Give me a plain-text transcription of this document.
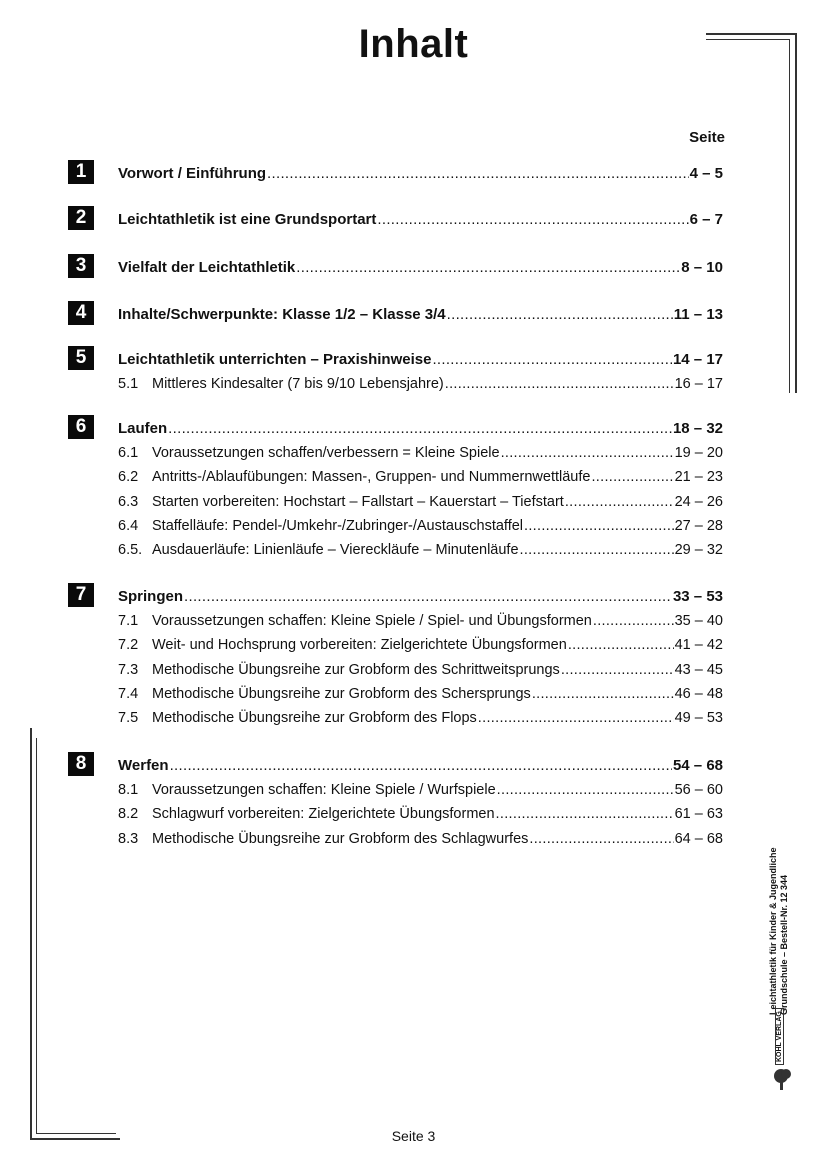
Inhalt
Seite
1	Vorwort / Einführung .....	4 – 5
2	Leichtathletik ist eine Grundsportart .....	6 – 7
3	Vielfalt der Leichtathletik .....	8 – 10
4	Inhalte/Schwerpunkte: Klasse 1/2 – Klasse 3/4 .....	11 – 13
5	Leichtathletik unterrichten – Praxishinweise .....	14 – 17
5.1 Mittleres Kindesalter (7 bis 9/10 Lebensjahre) .....	16 – 17
6	Laufen .....	18 – 32
6.1 Voraussetzungen schaffen/verbessern = Kleine Spiele .....	19 – 20
6.2 Antritts-/Ablaufübungen: Massen-, Gruppen- und Nummernwettläufe .....	21 – 23
6.3 Starten vorbereiten: Hochstart – Fallstart – Kauerstart – Tiefstart .....	24 – 26
6.4 Staffelläufe: Pendel-/Umkehr-/Zubringer-/Austauschstaffel .....	27 – 28
6.5. Ausdauerläufe: Linienläufe – Viereckläufe – Minutenläufe .....	29 – 32
7	Springen .....	33 – 53
7.1 Voraussetzungen schaffen: Kleine Spiele / Spiel- und Übungsformen .....	35 – 40
7.2 Weit- und Hochsprung vorbereiten: Zielgerichtete Übungsformen .....	41 – 42
7.3 Methodische Übungsreihe zur Grobform des Schrittweitsprungs .....	43 – 45
7.4 Methodische Übungsreihe zur Grobform des Schersprungs .....	46 – 48
7.5 Methodische Übungsreihe zur Grobform des Flops .....	49 – 53
8	Werfen .....	54 – 68
8.1 Voraussetzungen schaffen: Kleine Spiele / Wurfspiele .....	56 – 60
8.2 Schlagwurf vorbereiten: Zielgerichtete Übungsformen .....	61 – 63
8.3 Methodische Übungsreihe zur Grobform des Schlagwurfes .....	64 – 68
Leichtathletik für Kinder & Jugendliche Grundschule – Bestell-Nr. 12 344
KOHL VERLAG
Seite 3
